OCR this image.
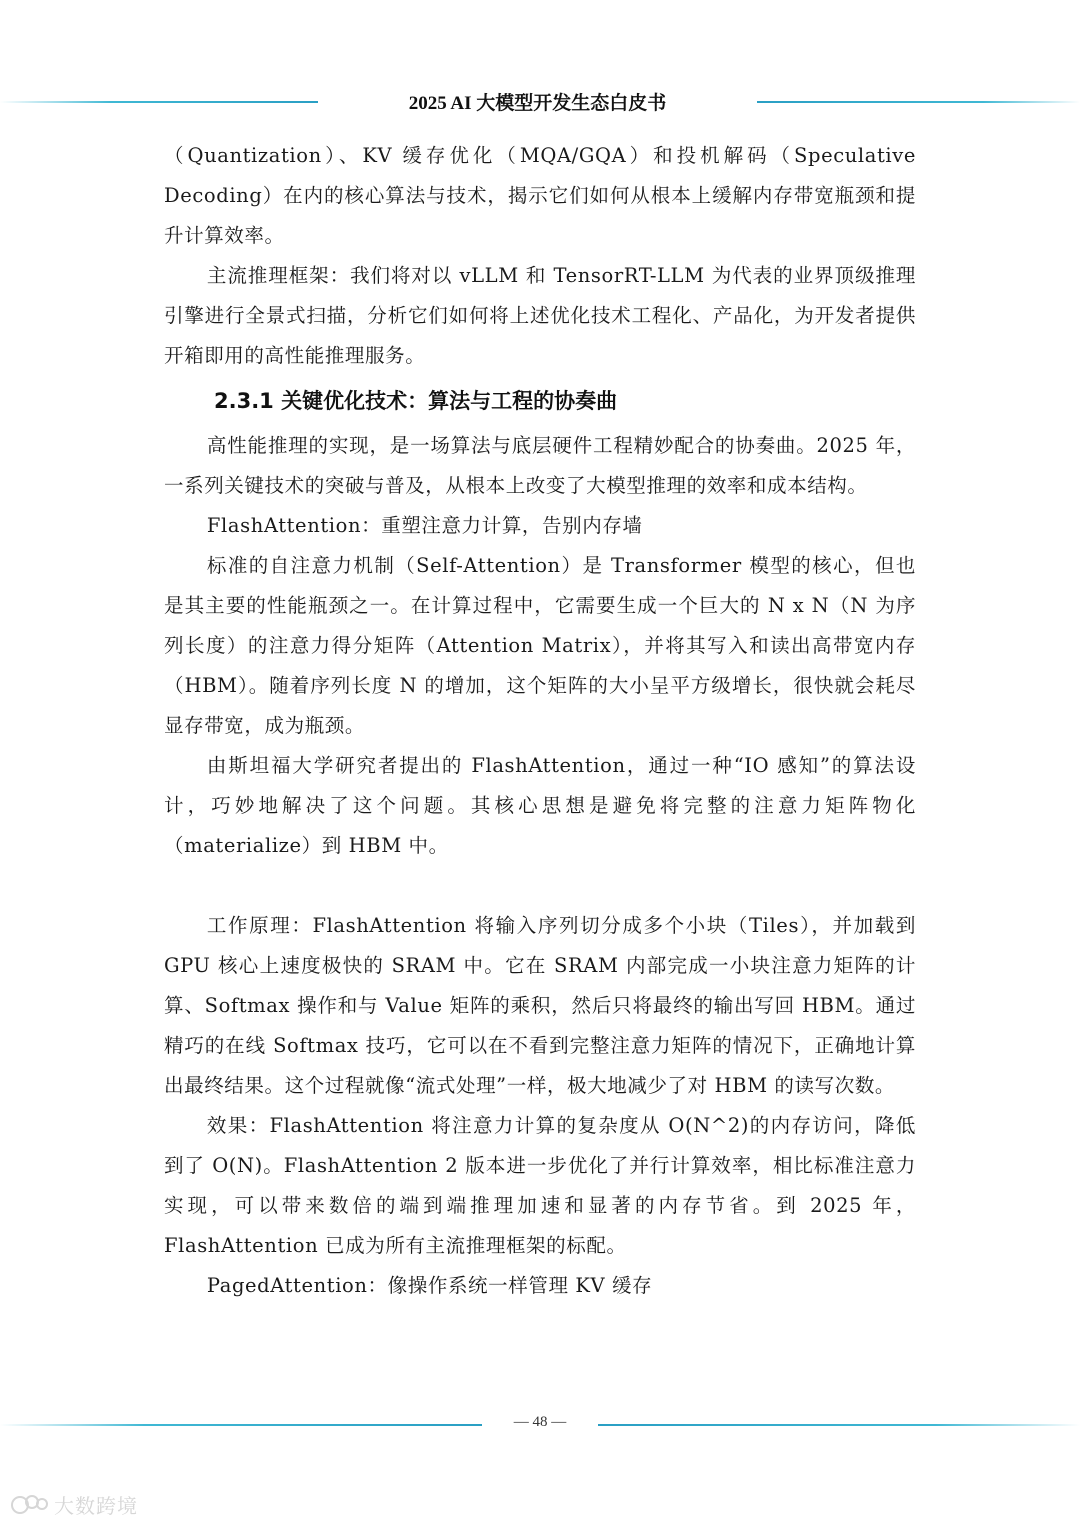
2025 AI 大模型开发生态白皮书

（Quantization）、KV 缓存优化（MQA/GQA）和投机解码（Speculative Decoding）在内的核心算法与技术，揭示它们如何从根本上缓解内存带宽瓶颈和提升计算效率。

主流推理框架：我们将对以 vLLM 和 TensorRT-LLM 为代表的业界顶级推理引擎进行全景式扫描，分析它们如何将上述优化技术工程化、产品化，为开发者提供开箱即用的高性能推理服务。

2.3.1 关键优化技术：算法与工程的协奏曲

高性能推理的实现，是一场算法与底层硬件工程精妙配合的协奏曲。2025 年，一系列关键技术的突破与普及，从根本上改变了大模型推理的效率和成本结构。

FlashAttention：重塑注意力计算，告别内存墙

标准的自注意力机制（Self-Attention）是 Transformer 模型的核心，但也是其主要的性能瓶颈之一。在计算过程中，它需要生成一个巨大的 N x N（N 为序列长度）的注意力得分矩阵（Attention Matrix），并将其写入和读出高带宽内存（HBM）。随着序列长度 N 的增加，这个矩阵的大小呈平方级增长，很快就会耗尽显存带宽，成为瓶颈。

由斯坦福大学研究者提出的 FlashAttention，通过一种“IO 感知”的算法设计，巧妙地解决了这个问题。其核心思想是避免将完整的注意力矩阵物化（materialize）到 HBM 中。

工作原理：FlashAttention 将输入序列切分成多个小块（Tiles），并加载到 GPU 核心上速度极快的 SRAM 中。它在 SRAM 内部完成一小块注意力矩阵的计算、Softmax 操作和与 Value 矩阵的乘积，然后只将最终的输出写回 HBM。通过精巧的在线 Softmax 技巧，它可以在不看到完整注意力矩阵的情况下，正确地计算出最终结果。这个过程就像“流式处理”一样，极大地减少了对 HBM 的读写次数。

效果：FlashAttention 将注意力计算的复杂度从 O(N^2)的内存访问，降低到了 O(N)。FlashAttention 2 版本进一步优化了并行计算效率，相比标准注意力实现，可以带来数倍的端到端推理加速和显著的内存节省。到 2025 年，FlashAttention 已成为所有主流推理框架的标配。

PagedAttention：像操作系统一样管理 KV 缓存

— 48 —
大数跨境
